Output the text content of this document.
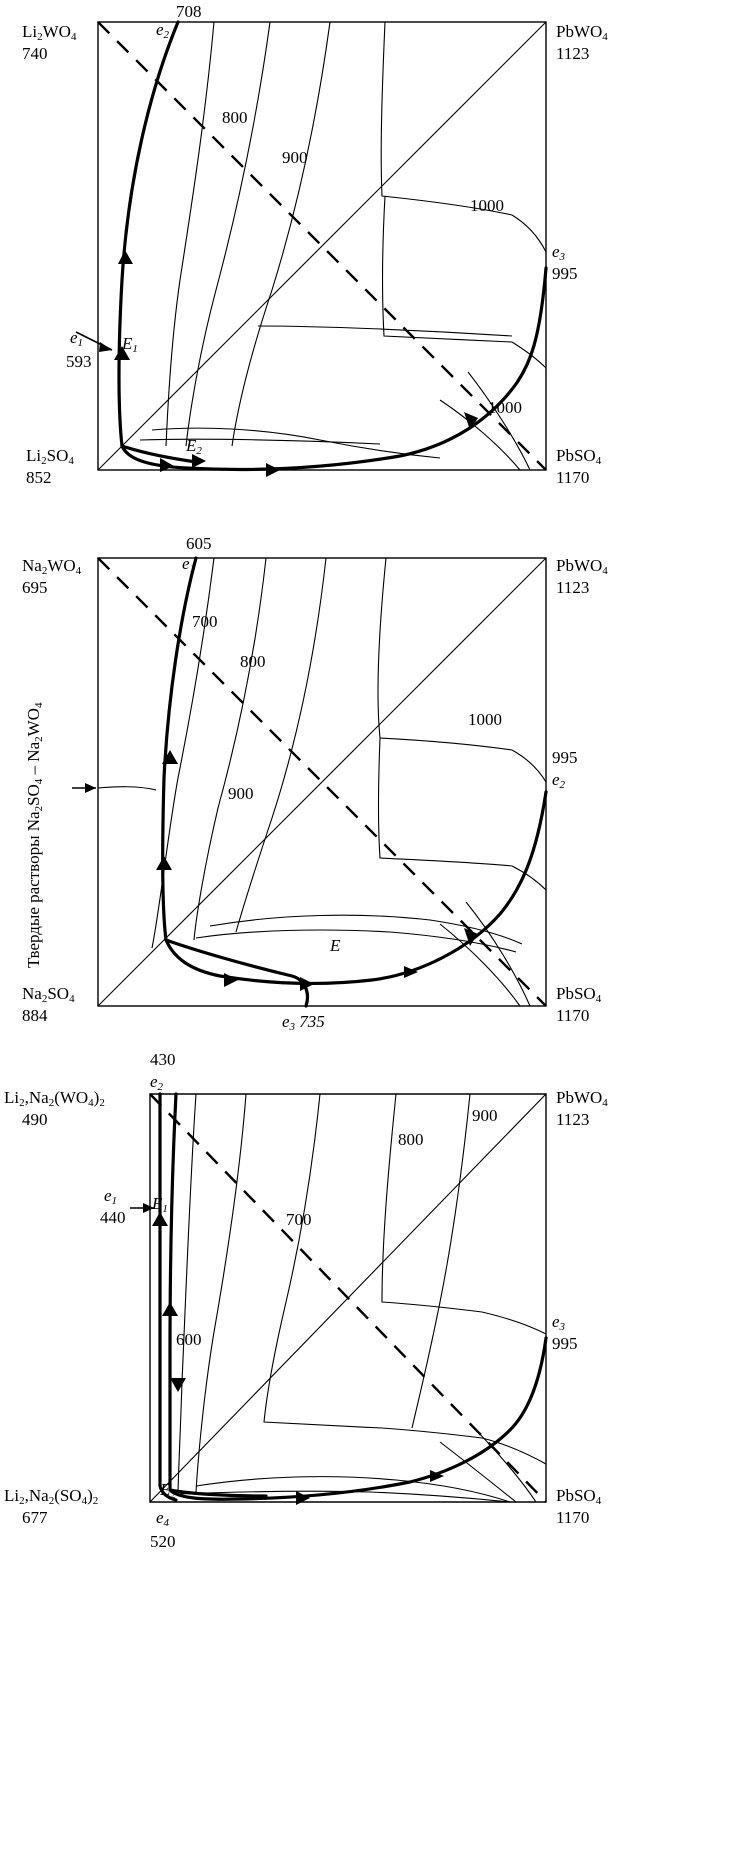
$Li_2WO_4$
740
PbWO$_4$
1123
$Li_2SO_4$
852
PbSO$_4$
1170
708
$e_2$
$e_1$
593
$e_3$
995
$E_1$
$E_2$
800
900
1000
1000
$Na_2WO_4$
695
PbWO$_4$
1123
$Na_2SO_4$
884
PbSO$_4$
1170
605
$e_1$
995
$e_2$
$e_3$ 735
E
700
800
900
1000
Твердые растворы $Na_2SO_4 - Na_2WO_4$
$Li_2,Na_2(WO_4)_2$
490
PbWO$_4$
1123
$Li_2,Na_2(SO_4)_2$
677
PbSO$_4$
1170
430
$e_2$
$e_1$
440
$E_1$
$E_2$
$e_3$
995
$e_4$
520
600
700
800
900
